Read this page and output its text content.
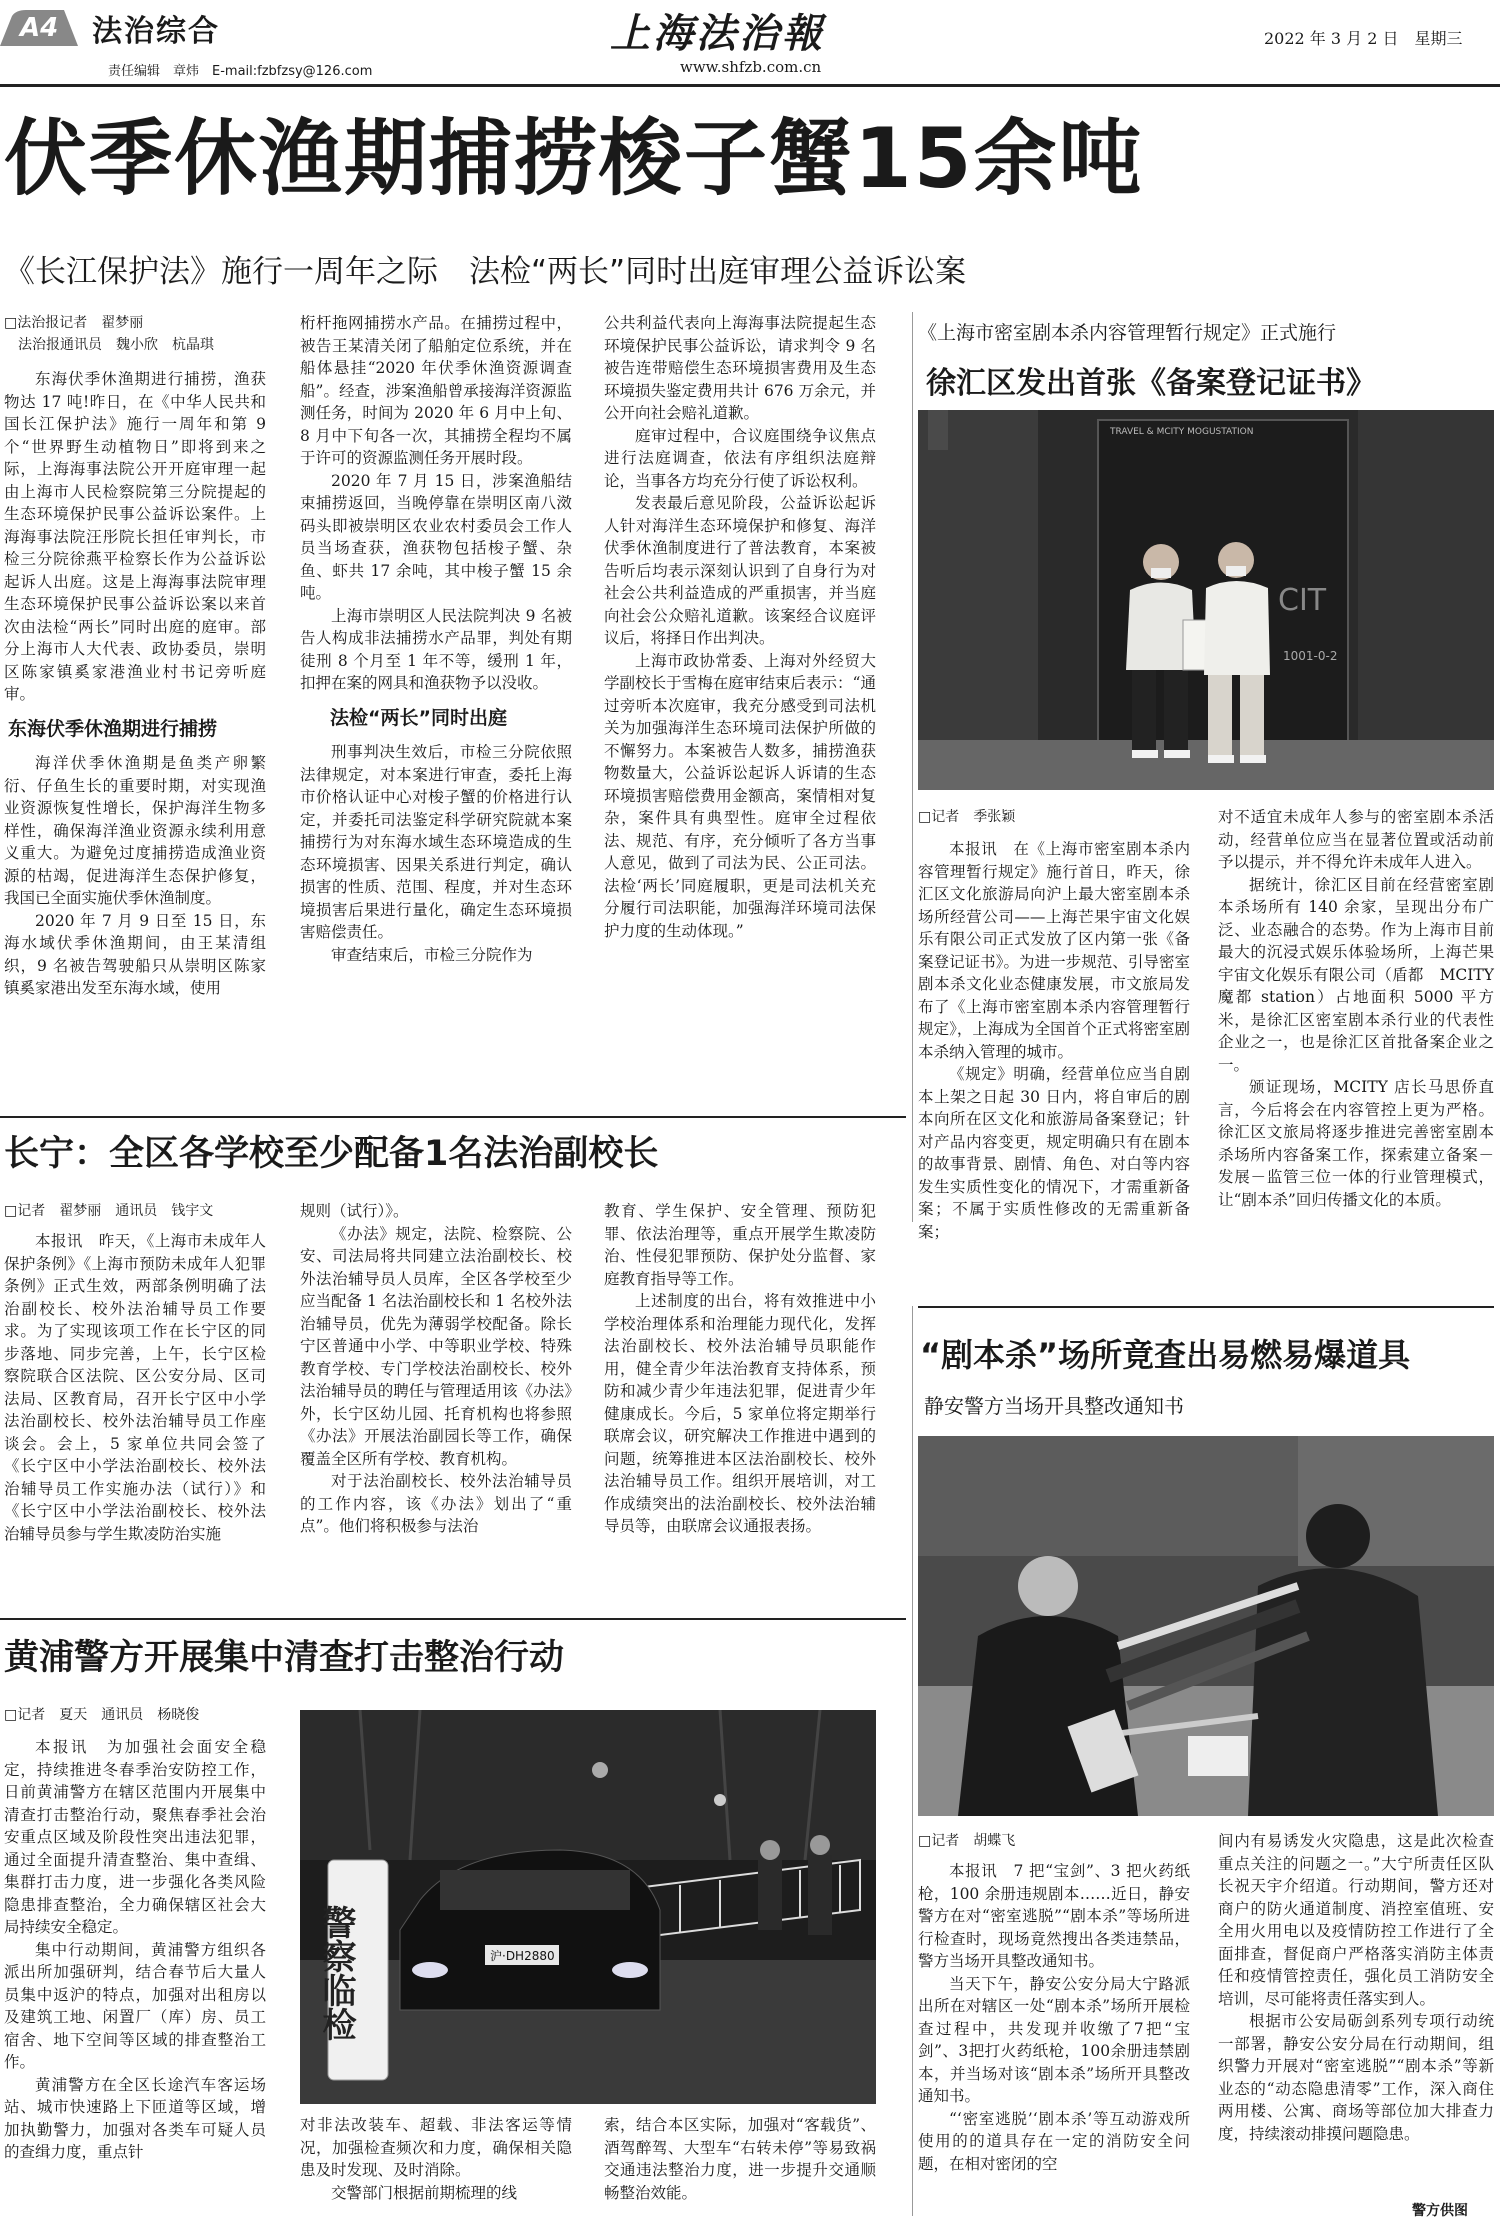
A4 法治综合
责任编辑　章炜　E-mail:fzbfzsy@126.com
上海法治報
www.shfzb.com.cn
2022 年 3 月 2 日　星期三
伏季休渔期捕捞梭子蟹15余吨
《长江保护法》施行一周年之际　法检“两长”同时出庭审理公益诉讼案
□法治报记者　翟梦丽
　法治报通讯员　魏小欣　杭晶琪

东海伏季休渔期进行捕捞，渔获物达 17 吨!昨日，在《中华人民共和国长江保护法》施行一周年和第 9 个“世界野生动植物日”即将到来之际，上海海事法院公开开庭审理一起由上海市人民检察院第三分院提起的生态环境保护民事公益诉讼案件。上海海事法院汪彤院长担任审判长，市检三分院徐燕平检察长作为公益诉讼起诉人出庭。这是上海海事法院审理生态环境保护民事公益诉讼案以来首次由法检“两长”同时出庭的庭审。部分上海市人大代表、政协委员，崇明区陈家镇奚家港渔业村书记旁听庭审。

东海伏季休渔期进行捕捞

海洋伏季休渔期是鱼类产卵繁衍、仔鱼生长的重要时期，对实现渔业资源恢复性增长，保护海洋生物多样性，确保海洋渔业资源永续利用意义重大。为避免过度捕捞造成渔业资源的枯竭，促进海洋生态保护修复，我国已全面实施伏季休渔制度。

2020 年 7 月 9 日至 15 日，东海水域伏季休渔期间，由王某清组织，9 名被告驾驶船只从崇明区陈家镇奚家港出发至东海水域，使用

桁杆拖网捕捞水产品。在捕捞过程中，被告王某清关闭了船舶定位系统，并在船体悬挂“2020 年伏季休渔资源调查船”。经查，涉案渔船曾承接海洋资源监测任务，时间为 2020 年 6 月中上旬、8 月中下旬各一次，其捕捞全程均不属于许可的资源监测任务开展时段。

2020 年 7 月 15 日，涉案渔船结束捕捞返回，当晚停靠在崇明区南八滧码头即被崇明区农业农村委员会工作人员当场查获，渔获物包括梭子蟹、杂鱼、虾共 17 余吨，其中梭子蟹 15 余吨。

上海市崇明区人民法院判决 9 名被告人构成非法捕捞水产品罪，判处有期徒刑 8 个月至 1 年不等，缓刑 1 年，扣押在案的网具和渔获物予以没收。

法检“两长”同时出庭

刑事判决生效后，市检三分院依照法律规定，对本案进行审查，委托上海市价格认证中心对梭子蟹的价格进行认定，并委托司法鉴定科学研究院就本案捕捞行为对东海水域生态环境造成的生态环境损害、因果关系进行判定，确认损害的性质、范围、程度，并对生态环境损害后果进行量化，确定生态环境损害赔偿责任。

审查结束后，市检三分院作为

公共利益代表向上海海事法院提起生态环境保护民事公益诉讼，请求判令 9 名被告连带赔偿生态环境损害费用及生态环境损失鉴定费用共计 676 万余元，并公开向社会赔礼道歉。

庭审过程中，合议庭围绕争议焦点进行法庭调查，依法有序组织法庭辩论，当事各方均充分行使了诉讼权利。

发表最后意见阶段，公益诉讼起诉人针对海洋生态环境保护和修复、海洋伏季休渔制度进行了普法教育，本案被告听后均表示深刻认识到了自身行为对社会公共利益造成的严重损害，并当庭向社会公众赔礼道歉。该案经合议庭评议后，将择日作出判决。

上海市政协常委、上海对外经贸大学副校长于雪梅在庭审结束后表示：“通过旁听本次庭审，我充分感受到司法机关为加强海洋生态环境司法保护所做的不懈努力。本案被告人数多，捕捞渔获物数量大，公益诉讼起诉人诉请的生态环境损害赔偿费用金额高，案情相对复杂，案件具有典型性。庭审全过程依法、规范、有序，充分倾听了各方当事人意见，做到了司法为民、公正司法。法检‘两长’同庭履职，更是司法机关充分履行司法职能，加强海洋环境司法保护力度的生动体现。”

《上海市密室剧本杀内容管理暂行规定》正式施行
徐汇区发出首张《备案登记证书》
TRAVEL & MCITY MOGUSTATION
1001-0-2
CIT
□记者　季张颖

本报讯　在《上海市密室剧本杀内容管理暂行规定》施行首日，昨天，徐汇区文化旅游局向沪上最大密室剧本杀场所经营公司——上海芒果宇宙文化娱乐有限公司正式发放了区内第一张《备案登记证书》。为进一步规范、引导密室剧本杀文化业态健康发展，市文旅局发布了《上海市密室剧本杀内容管理暂行规定》，上海成为全国首个正式将密室剧本杀纳入管理的城市。

《规定》明确，经营单位应当自剧本上架之日起 30 日内，将自审后的剧本向所在区文化和旅游局备案登记；针对产品内容变更，规定明确只有在剧本的故事背景、剧情、角色、对白等内容发生实质性变化的情况下，才需重新备案；不属于实质性修改的无需重新备案；

对不适宜未成年人参与的密室剧本杀活动，经营单位应当在显著位置或活动前予以提示，并不得允许未成年人进入。

据统计，徐汇区目前在经营密室剧本杀场所有 140 余家，呈现出分布广泛、业态融合的态势。作为上海市目前最大的沉浸式娱乐体验场所，上海芒果宇宙文化娱乐有限公司（盾都　MCITY 魔都 station）占地面积 5000 平方米，是徐汇区密室剧本杀行业的代表性企业之一，也是徐汇区首批备案企业之一。

颁证现场，MCITY 店长马思侨直言，今后将会在内容管控上更为严格。徐汇区文旅局将逐步推进完善密室剧本杀场所内容备案工作，探索建立备案－发展－监管三位一体的行业管理模式，让“剧本杀”回归传播文化的本质。

长宁：全区各学校至少配备1名法治副校长
□记者　翟梦丽　通讯员　钱宇文

本报讯　昨天，《上海市未成年人保护条例》《上海市预防未成年人犯罪条例》正式生效，两部条例明确了法治副校长、校外法治辅导员工作要求。为了实现该项工作在长宁区的同步落地、同步完善，上午，长宁区检察院联合区法院、区公安分局、区司法局、区教育局，召开长宁区中小学法治副校长、校外法治辅导员工作座谈会。会上，5 家单位共同会签了《长宁区中小学法治副校长、校外法治辅导员工作实施办法（试行）》和《长宁区中小学法治副校长、校外法治辅导员参与学生欺凌防治实施

规则（试行）》。

《办法》规定，法院、检察院、公安、司法局将共同建立法治副校长、校外法治辅导员人员库，全区各学校至少应当配备 1 名法治副校长和 1 名校外法治辅导员，优先为薄弱学校配备。除长宁区普通中小学、中等职业学校、特殊教育学校、专门学校法治副校长、校外法治辅导员的聘任与管理适用该《办法》外，长宁区幼儿园、托育机构也将参照《办法》开展法治副园长等工作，确保覆盖全区所有学校、教育机构。

对于法治副校长、校外法治辅导员的工作内容，该《办法》划出了“重点”。他们将积极参与法治

教育、学生保护、安全管理、预防犯罪、依法治理等，重点开展学生欺凌防治、性侵犯罪预防、保护处分监督、家庭教育指导等工作。

上述制度的出台，将有效推进中小学校治理体系和治理能力现代化，发挥法治副校长、校外法治辅导员职能作用，健全青少年法治教育支持体系，预防和减少青少年违法犯罪，促进青少年健康成长。今后，5 家单位将定期举行联席会议，研究解决工作推进中遇到的问题，统筹推进本区法治副校长、校外法治辅导员工作。组织开展培训，对工作成绩突出的法治副校长、校外法治辅导员等，由联席会议通报表扬。

黄浦警方开展集中清查打击整治行动
□记者　夏天　通讯员　杨晓俊

本报讯　为加强社会面安全稳定，持续推进冬春季治安防控工作，日前黄浦警方在辖区范围内开展集中清查打击整治行动，聚焦春季社会治安重点区域及阶段性突出违法犯罪，通过全面提升清查整治、集中查缉、集群打击力度，进一步强化各类风险隐患排查整治，全力确保辖区社会大局持续安全稳定。

集中行动期间，黄浦警方组织各派出所加强研判，结合春节后大量人员集中返沪的特点，加强对出租房以及建筑工地、闲置厂（库）房、员工宿舍、地下空间等区域的排查整治工作。

黄浦警方在全区长途汽车客运场站、城市快速路上下匝道等区域，增加执勤警力，加强对各类车可疑人员的查缉力度，重点针

沪·DH2880
警察临检

对非法改装车、超载、非法客运等情况，加强检查频次和力度，确保相关隐患及时发现、及时消除。

交警部门根据前期梳理的线

索，结合本区实际，加强对“客载货”、酒驾醉驾、大型车“右转未停”等易致祸交通违法整治力度，进一步提升交通顺畅整治效能。

“剧本杀”场所竟查出易燃易爆道具
静安警方当场开具整改通知书
□记者　胡蝶飞

本报讯　7 把“宝剑”、3 把火药纸枪，100 余册违规剧本……近日，静安警方在对“密室逃脱”“剧本杀”等场所进行检查时，现场竟然搜出各类违禁品，警方当场开具整改通知书。

当天下午，静安公安分局大宁路派出所在对辖区一处“剧本杀”场所开展检查过程中，共发现并收缴了7把“宝剑”、3把打火药纸枪，100余册违禁剧本，并当场对该“剧本杀”场所开具整改通知书。

“‘密室逃脱’‘剧本杀’等互动游戏所使用的的道具存在一定的消防安全问题，在相对密闭的空

间内有易诱发火灾隐患，这是此次检查重点关注的问题之一。”大宁所责任区队长祝天宇介绍道。行动期间，警方还对商户的防火通道制度、消控室值班、安全用火用电以及疫情防控工作进行了全面排查，督促商户严格落实消防主体责任和疫情管控责任，强化员工消防安全培训，尽可能将责任落实到人。

根据市公安局砺剑系列专项行动统一部署，静安公安分局在行动期间，组织警力开展对“密室逃脱”“剧本杀”等新业态的“动态隐患清零”工作，深入商住两用楼、公寓、商场等部位加大排查力度，持续滚动排摸问题隐患。

警方供图
